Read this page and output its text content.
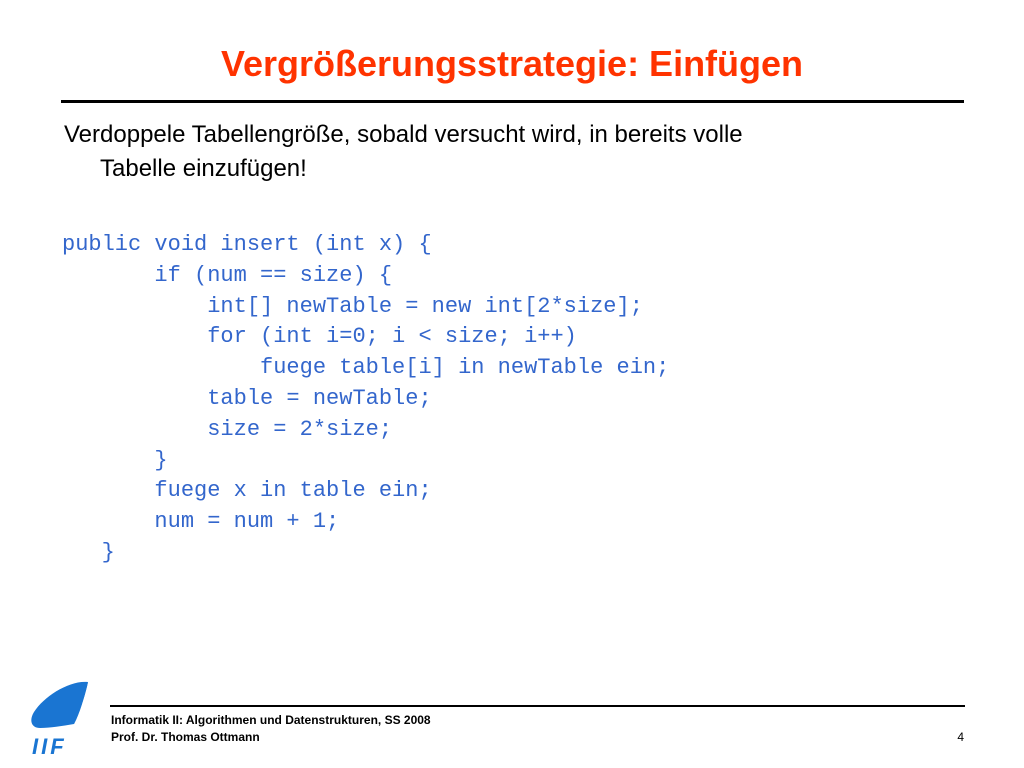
Vergrößerungsstrategie: Einfügen
Verdoppele Tabellengröße, sobald versucht wird, in bereits volle
Tabelle einzufügen!
public void insert (int x) {
if (num == size) {
int[] newTable = new int[2*size];
for (int i=0; i < size; i++)
fuege table[i] in newTable ein;
table = newTable;
size = 2*size;
}
fuege x in table ein;
num = num + 1;
}
IIF
Informatik II: Algorithmen und Datenstrukturen, SS 2008
Prof. Dr. Thomas Ottmann	4
